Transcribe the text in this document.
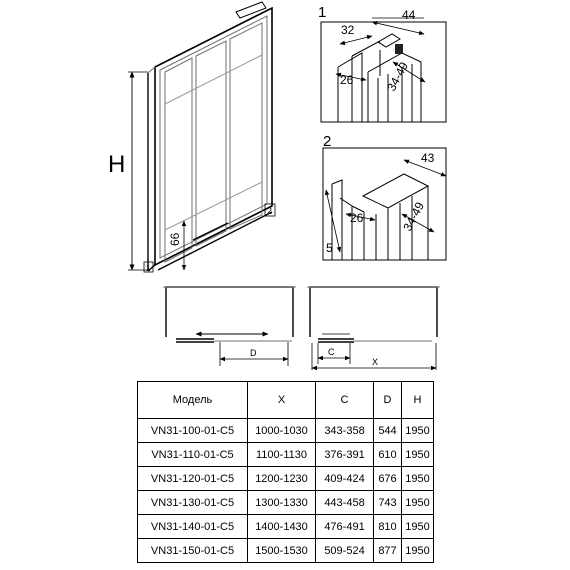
H
66
1
2
1
32
44
26	34-49
2
43
26	34-49
5
D	C
X
Модель	X	C	D	H
VN31-100-01-C5	1000-1030	343-358	544	1950
VN31-110-01-C5	1100-1130	376-391	610	1950
VN31-120-01-C5	1200-1230	409-424	676	1950
VN31-130-01-C5	1300-1330	443-458	743	1950
VN31-140-01-C5	1400-1430	476-491	810	1950
VN31-150-01-C5	1500-1530	509-524	877	1950
